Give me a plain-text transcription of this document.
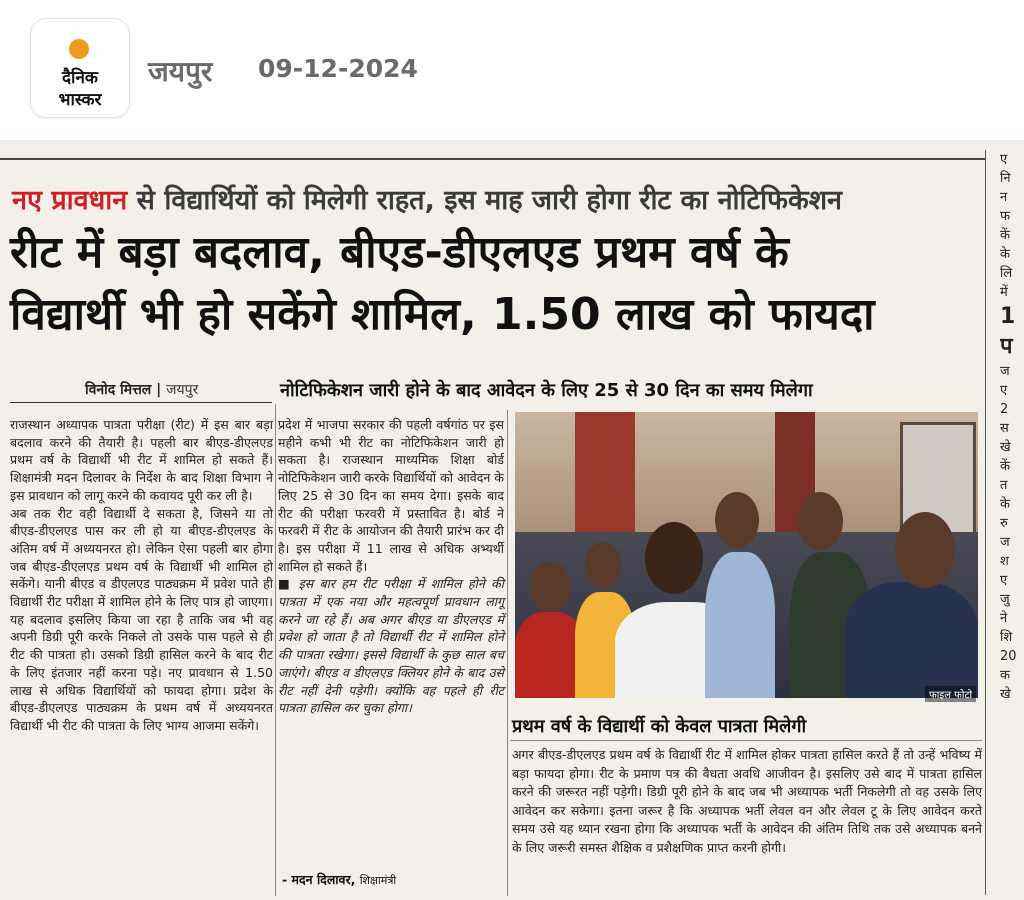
दैनिक
भास्कर
जयपुर 09-12-2024
ए
नि
न
फ
कें
के
लि
में
1
प
ज
ए
2
स
खे
कें
त
के
रु
ज
श
ए
जु
ने
शि
20
क
खे
नए प्रावधान से विद्यार्थियों को मिलेगी राहत, इस माह जारी होगा रीट का नोटिफिकेशन
रीट में बड़ा बदलाव, बीएड-डीएलएड प्रथम वर्ष के
विद्यार्थी भी हो सकेंगे शामिल, 1.50 लाख को फायदा
विनोद मित्तल | जयपुर	नोटिफिकेशन जारी होने के बाद आवेदन के लिए 25 से 30 दिन का समय मिलेगा

राजस्थान अध्यापक पात्रता परीक्षा (रीट) में इस बार बड़ा बदलाव करने की तैयारी है। पहली बार बीएड-डीएलएड प्रथम वर्ष के विद्यार्थी भी रीट में शामिल हो सकते हैं। शिक्षामंत्री मदन दिलावर के निर्देश के बाद शिक्षा विभाग ने इस प्रावधान को लागू करने की कवायद पूरी कर ली है।

अब तक रीट वही विद्यार्थी दे सकता है, जिसने या तो बीएड-डीएलएड पास कर ली हो या बीएड-डीएलएड के अंतिम वर्ष में अध्ययनरत हो। लेकिन ऐसा पहली बार होगा जब बीएड-डीएलएड प्रथम वर्ष के विद्यार्थी भी शामिल हो सकेंगे। यानी बीएड व डीएलएड पाठ्यक्रम में प्रवेश पाते ही विद्यार्थी रीट परीक्षा में शामिल होने के लिए पात्र हो जाएगा। यह बदलाव इसलिए किया जा रहा है ताकि जब भी वह अपनी डिग्री पूरी करके निकले तो उसके पास पहले से ही रीट की पात्रता हो। उसको डिग्री हासिल करने के बाद रीट के लिए इंतजार नहीं करना पड़े। नए प्रावधान से 1.50 लाख से अधिक विद्यार्थियों को फायदा होगा। प्रदेश के बीएड-डीएलएड पाठ्यक्रम के प्रथम वर्ष में अध्ययनरत विद्यार्थी भी रीट की पात्रता के लिए भाग्य आजमा सकेंगे।

प्रदेश में भाजपा सरकार की पहली वर्षगांठ पर इस महीने कभी भी रीट का नोटिफिकेशन जारी हो सकता है। राजस्थान माध्यमिक शिक्षा बोर्ड नोटिफिकेशन जारी करके विद्यार्थियों को आवेदन के लिए 25 से 30 दिन का समय देगा। इसके बाद रीट की परीक्षा फरवरी में प्रस्तावित है। बोर्ड ने फरवरी में रीट के आयोजन की तैयारी प्रारंभ कर दी है। इस परीक्षा में 11 लाख से अधिक अभ्यर्थी शामिल हो सकते हैं।

■ इस बार हम रीट परीक्षा में शामिल होने की पात्रता में एक नया और महत्वपूर्ण प्रावधान लागू करने जा रहे हैं। अब अगर बीएड या डीएलएड में प्रवेश हो जाता है तो विद्यार्थी रीट में शामिल होने की पात्रता रखेगा। इससे विद्यार्थी के कुछ साल बच जाएंगे। बीएड व डीएलएड क्लियर होने के बाद उसे रीट नहीं देनी पड़ेगी। क्योंकि वह पहले ही रीट पात्रता हासिल कर चुका होगा।

- मदन दिलावर, शिक्षामंत्री
फाइल फोटो
प्रथम वर्ष के विद्यार्थी को केवल पात्रता मिलेगी

अगर बीएड-डीएलएड प्रथम वर्ष के विद्यार्थी रीट में शामिल होकर पात्रता हासिल करते हैं तो उन्हें भविष्य में बड़ा फायदा होगा। रीट के प्रमाण पत्र की वैधता अवधि आजीवन है। इसलिए उसे बाद में पात्रता हासिल करने की जरूरत नहीं पड़ेगी। डिग्री पूरी होने के बाद जब भी अध्यापक भर्ती निकलेगी तो वह उसके लिए आवेदन कर सकेगा। इतना जरूर है कि अध्यापक भर्ती लेवल वन और लेवल टू के लिए आवेदन करते समय उसे यह ध्यान रखना होगा कि अध्यापक भर्ती के आवेदन की अंतिम तिथि तक उसे अध्यापक बनने के लिए जरूरी समस्त शैक्षिक व प्रशैक्षणिक प्राप्त करनी होगी।
